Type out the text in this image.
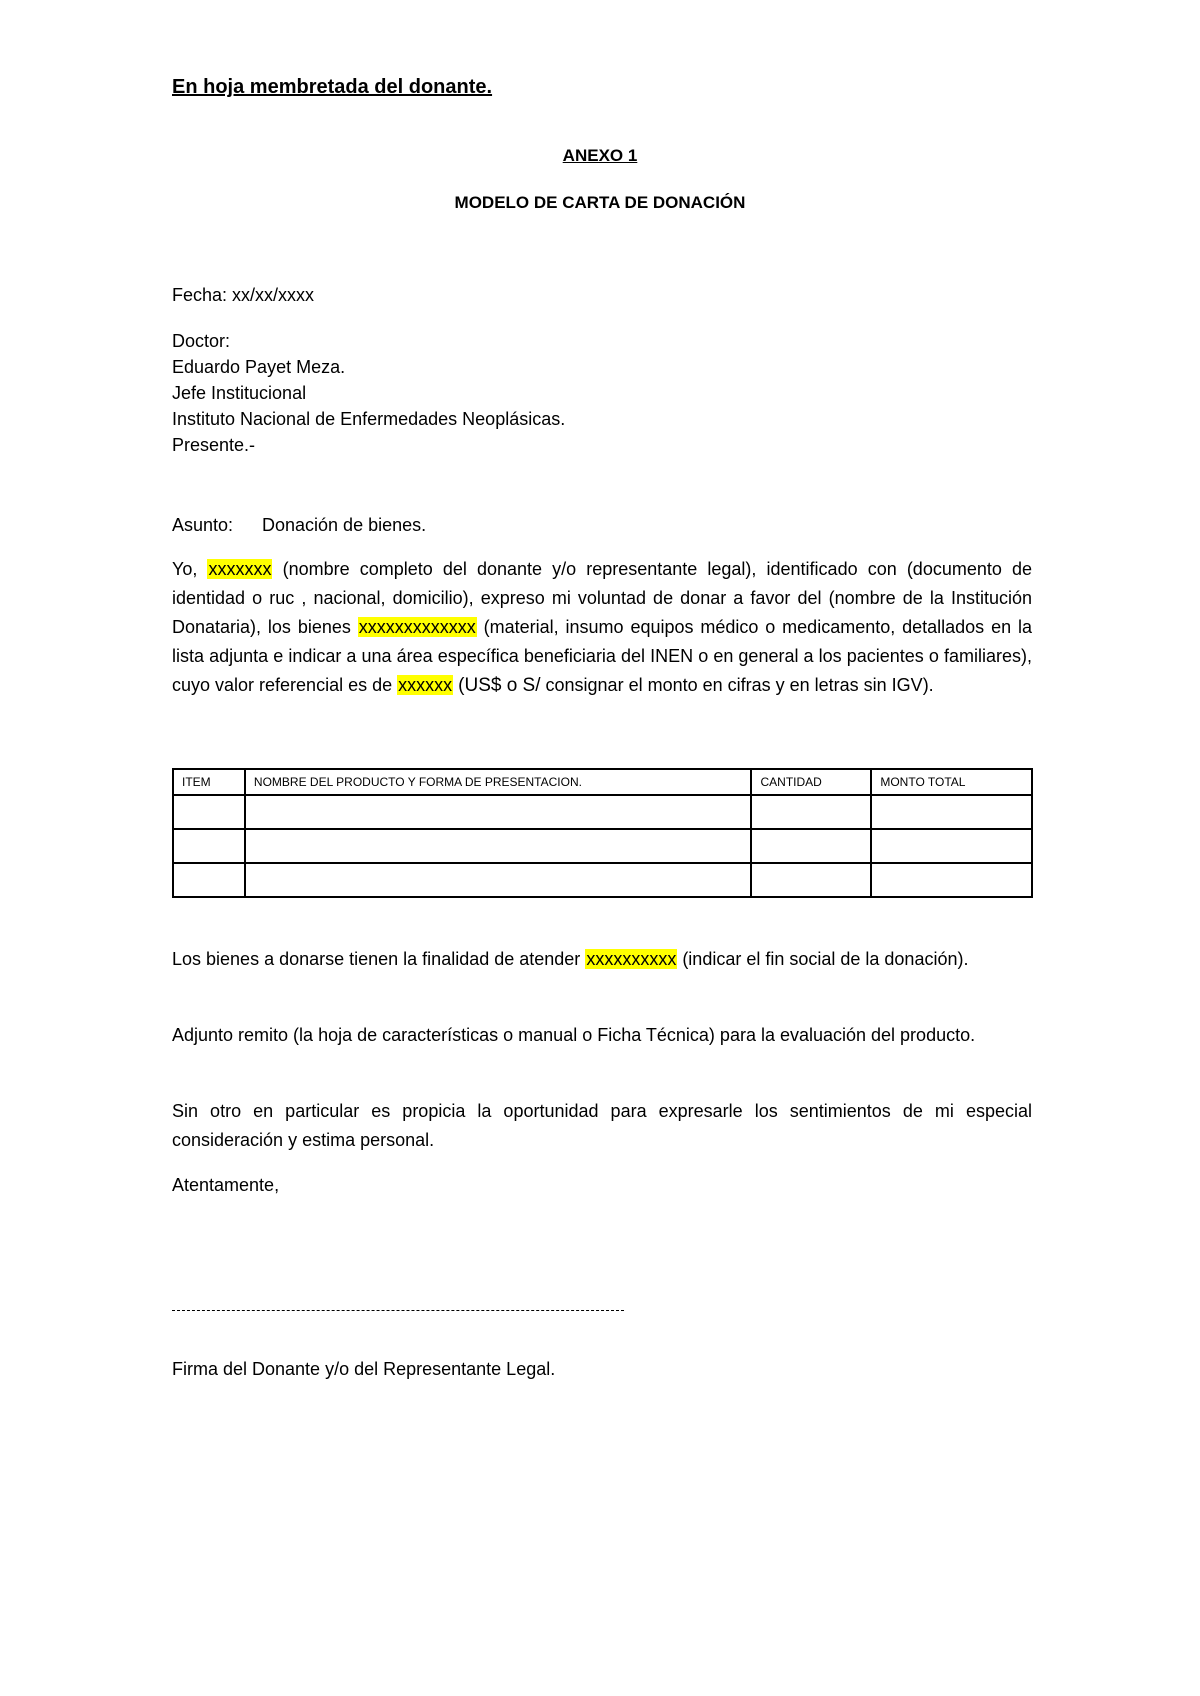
En hoja membretada del donante.
ANEXO 1
MODELO DE CARTA DE DONACIÓN
Fecha: xx/xx/xxxx
Doctor:
Eduardo Payet Meza.
Jefe Institucional
Instituto Nacional de Enfermedades Neoplásicas.
Presente.-
Asunto: Donación de bienes.
Yo, xxxxxxx (nombre completo del donante y/o representante legal), identificado con (documento de identidad o ruc , nacional, domicilio), expreso mi voluntad de donar a favor del (nombre de la Institución Donataria), los bienes xxxxxxxxxxxxx (material, insumo equipos médico o medicamento, detallados en la lista adjunta e indicar a una área específica beneficiaria del INEN o en general a los pacientes o familiares), cuyo valor referencial es de xxxxxx (US$ o S/ consignar el monto en cifras y en letras sin IGV).
ITEM	NOMBRE DEL PRODUCTO Y FORMA DE PRESENTACION.	CANTIDAD	MONTO TOTAL

Los bienes a donarse tienen la finalidad de atender xxxxxxxxxx (indicar el fin social de la donación).
Adjunto remito (la hoja de características o manual o Ficha Técnica) para la evaluación del producto.
Sin otro en particular es propicia la oportunidad para expresarle los sentimientos de mi especial consideración y estima personal.
Atentamente,
Firma del Donante y/o del Representante Legal.
